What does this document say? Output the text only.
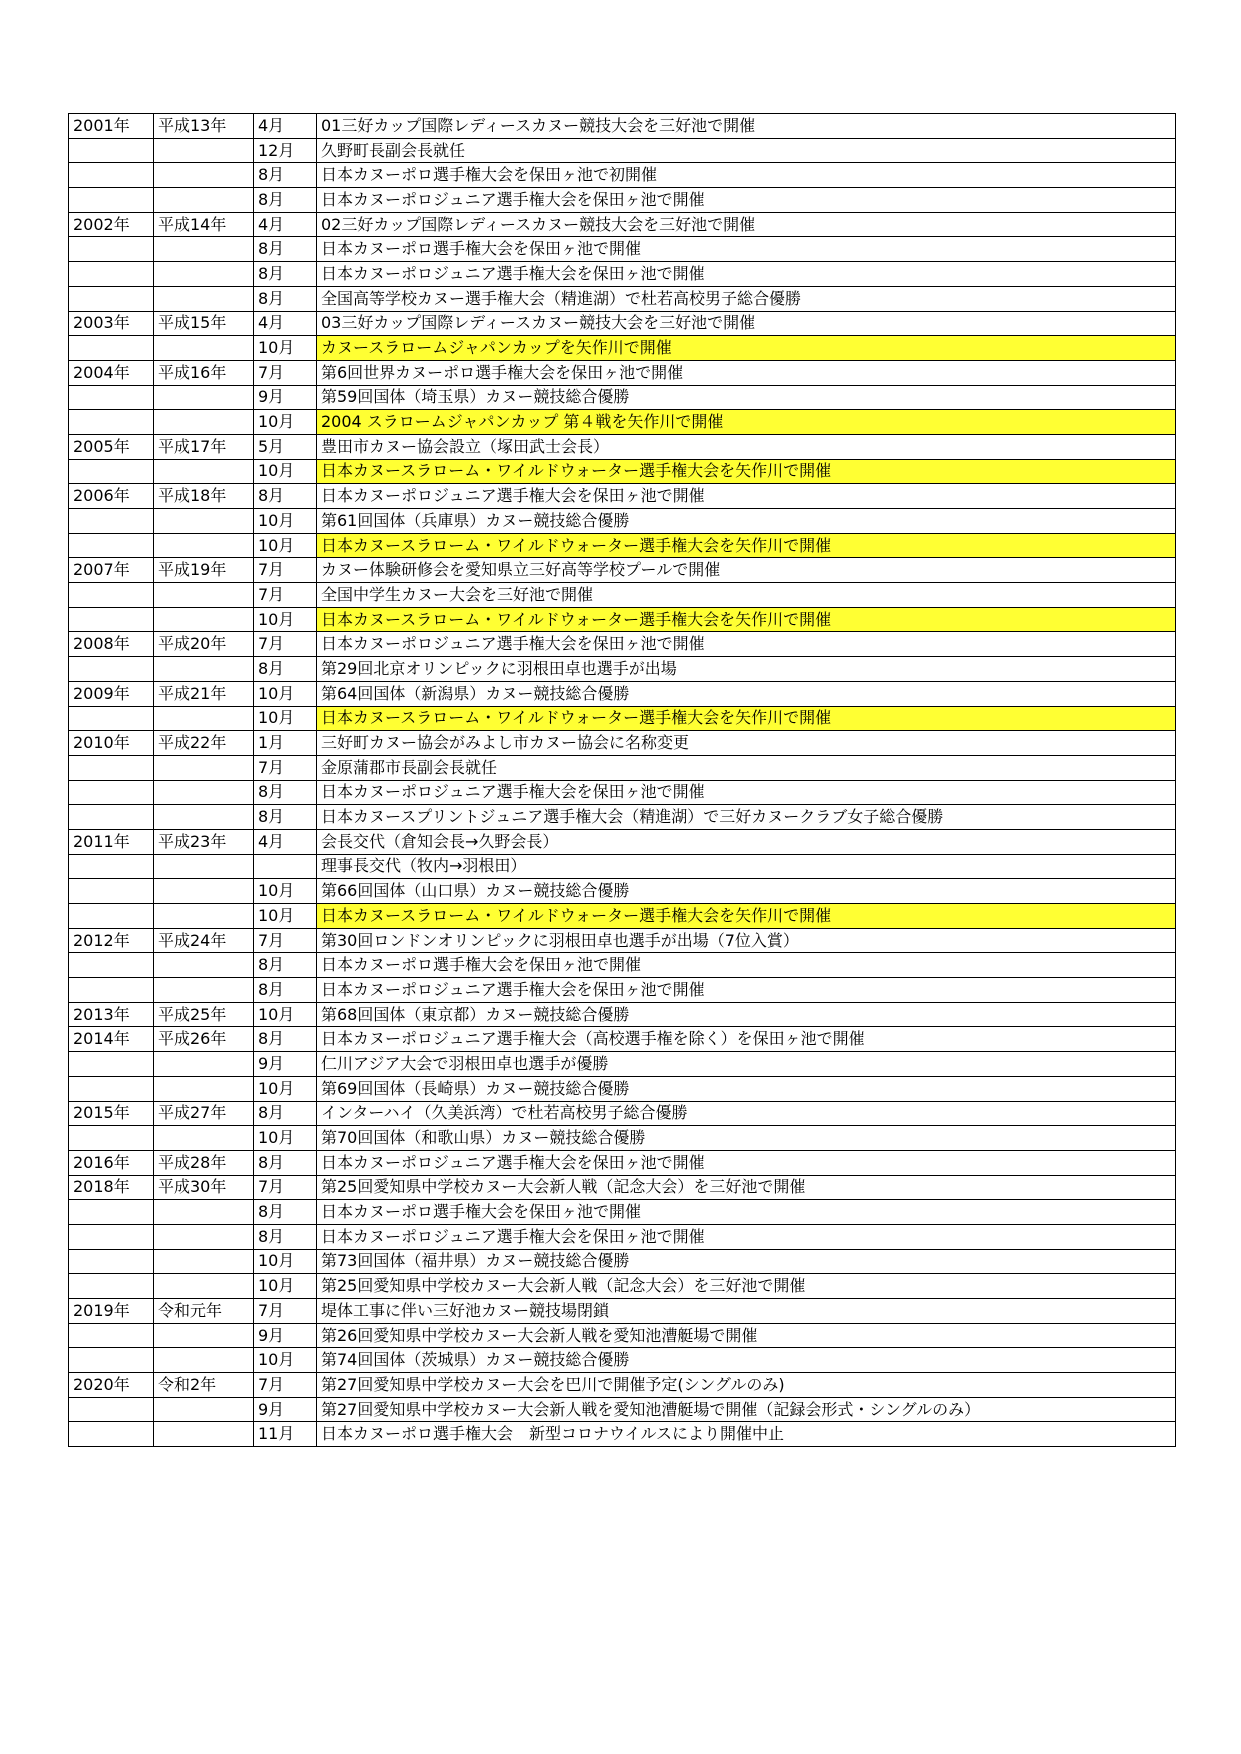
2001年	平成13年	4月	01三好カップ国際レディースカヌー競技大会を三好池で開催
		12月	久野町長副会長就任
		8月	日本カヌーポロ選手権大会を保田ヶ池で初開催
		8月	日本カヌーポロジュニア選手権大会を保田ヶ池で開催
2002年	平成14年	4月	02三好カップ国際レディースカヌー競技大会を三好池で開催
		8月	日本カヌーポロ選手権大会を保田ヶ池で開催
		8月	日本カヌーポロジュニア選手権大会を保田ヶ池で開催
		8月	全国高等学校カヌー選手権大会（精進湖）で杜若高校男子総合優勝
2003年	平成15年	4月	03三好カップ国際レディースカヌー競技大会を三好池で開催
		10月	カヌースラロームジャパンカップを矢作川で開催
2004年	平成16年	7月	第6回世界カヌーポロ選手権大会を保田ヶ池で開催
		9月	第59回国体（埼玉県）カヌー競技総合優勝
		10月	2004 スラロームジャパンカップ 第４戦を矢作川で開催
2005年	平成17年	5月	豊田市カヌー協会設立（塚田武士会長）
		10月	日本カヌースラローム・ワイルドウォーター選手権大会を矢作川で開催
2006年	平成18年	8月	日本カヌーポロジュニア選手権大会を保田ヶ池で開催
		10月	第61回国体（兵庫県）カヌー競技総合優勝
		10月	日本カヌースラローム・ワイルドウォーター選手権大会を矢作川で開催
2007年	平成19年	7月	カヌー体験研修会を愛知県立三好高等学校プールで開催
		7月	全国中学生カヌー大会を三好池で開催
		10月	日本カヌースラローム・ワイルドウォーター選手権大会を矢作川で開催
2008年	平成20年	7月	日本カヌーポロジュニア選手権大会を保田ヶ池で開催
		8月	第29回北京オリンピックに羽根田卓也選手が出場
2009年	平成21年	10月	第64回国体（新潟県）カヌー競技総合優勝
		10月	日本カヌースラローム・ワイルドウォーター選手権大会を矢作川で開催
2010年	平成22年	1月	三好町カヌー協会がみよし市カヌー協会に名称変更
		7月	金原蒲郡市長副会長就任
		8月	日本カヌーポロジュニア選手権大会を保田ヶ池で開催
		8月	日本カヌースプリントジュニア選手権大会（精進湖）で三好カヌークラブ女子総合優勝
2011年	平成23年	4月	会長交代（倉知会長→久野会長）
			理事長交代（牧内→羽根田）
		10月	第66回国体（山口県）カヌー競技総合優勝
		10月	日本カヌースラローム・ワイルドウォーター選手権大会を矢作川で開催
2012年	平成24年	7月	第30回ロンドンオリンピックに羽根田卓也選手が出場（7位入賞）
		8月	日本カヌーポロ選手権大会を保田ヶ池で開催
		8月	日本カヌーポロジュニア選手権大会を保田ヶ池で開催
2013年	平成25年	10月	第68回国体（東京都）カヌー競技総合優勝
2014年	平成26年	8月	日本カヌーポロジュニア選手権大会（高校選手権を除く）を保田ヶ池で開催
		9月	仁川アジア大会で羽根田卓也選手が優勝
		10月	第69回国体（長崎県）カヌー競技総合優勝
2015年	平成27年	8月	インターハイ（久美浜湾）で杜若高校男子総合優勝
		10月	第70回国体（和歌山県）カヌー競技総合優勝
2016年	平成28年	8月	日本カヌーポロジュニア選手権大会を保田ヶ池で開催
2018年	平成30年	7月	第25回愛知県中学校カヌー大会新人戦（記念大会）を三好池で開催
		8月	日本カヌーポロ選手権大会を保田ヶ池で開催
		8月	日本カヌーポロジュニア選手権大会を保田ヶ池で開催
		10月	第73回国体（福井県）カヌー競技総合優勝
		10月	第25回愛知県中学校カヌー大会新人戦（記念大会）を三好池で開催
2019年	令和元年	7月	堤体工事に伴い三好池カヌー競技場閉鎖
		9月	第26回愛知県中学校カヌー大会新人戦を愛知池漕艇場で開催
		10月	第74回国体（茨城県）カヌー競技総合優勝
2020年	令和2年	7月	第27回愛知県中学校カヌー大会を巴川で開催予定(シングルのみ)
		9月	第27回愛知県中学校カヌー大会新人戦を愛知池漕艇場で開催（記録会形式・シングルのみ）
		11月	日本カヌーポロ選手権大会　新型コロナウイルスにより開催中止
